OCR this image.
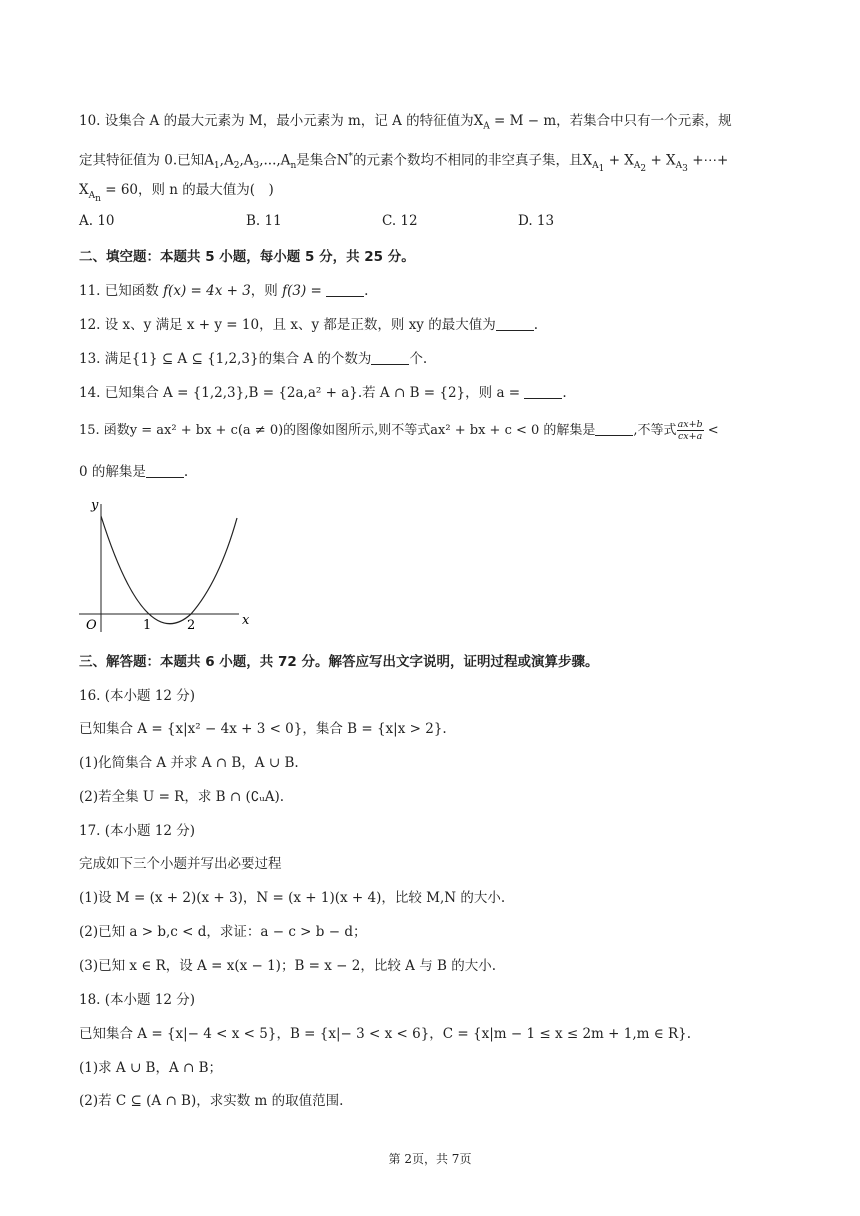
10. 设集合 A 的最大元素为 M，最小元素为 m，记 A 的特征值为$X_A = M - m$，若集合中只有一个元素，规
定其特征值为 0.已知$A_1,A_2,A_3,...,A_n$是集合N*的元素个数均不相同的非空真子集，且$X_{A_1} + X_{A_2} + X_{A_3}$ +⋯+
$X_{A_n} = 60$，则 n 的最大值为(　)
A. 10	B. 11	C. 12	D. 13
二、填空题：本题共 5 小题，每小题 5 分，共 25 分。
11. 已知函数 f(x) = 4x + 3，则 f(3) =	.
12. 设 x、y 满足 x + y = 10，且 x、y 都是正数，则 xy 的最大值为	.
13. 满足{1} ⊆ A ⊆ {1,2,3}的集合 A 的个数为	个.
14. 已知集合 A = {1,2,3},B = {2a,a² + a}.若 A ∩ B = {2}，则 a =	.
15. 函数y = ax² + bx + c(a ≠ 0)的图像如图所示,则不等式ax² + bx + c < 0 的解集是	,不等式 $\frac{ax+b}{cx+a}$ <
0 的解集是	.
y
x
O	1	2
三、解答题：本题共 6 小题，共 72 分。解答应写出文字说明，证明过程或演算步骤。
16. (本小题 12 分)
已知集合 A = {x|x² − 4x + 3 < 0}，集合 B = {x|x > 2}.
(1)化简集合 A 并求 A ∩ B，A ∪ B.
(2)若全集 U = R，求 B ∩ (∁ᵤA).
17. (本小题 12 分)
完成如下三个小题并写出必要过程
(1)设 M = (x + 2)(x + 3)，N = (x + 1)(x + 4)，比较 M,N 的大小.
(2)已知 a > b,c < d，求证：a − c > b − d；
(3)已知 x ∈ R，设 A = x(x − 1)；B = x − 2，比较 A 与 B 的大小.
18. (本小题 12 分)
已知集合 A = {x|− 4 < x < 5}，B = {x|− 3 < x < 6}，C = {x|m − 1 ≤ x ≤ 2m + 1,m ∈ R}.
(1)求 A ∪ B，A ∩ B；
(2)若 C ⊆ (A ∩ B)，求实数 m 的取值范围.
第 2页，共 7页
